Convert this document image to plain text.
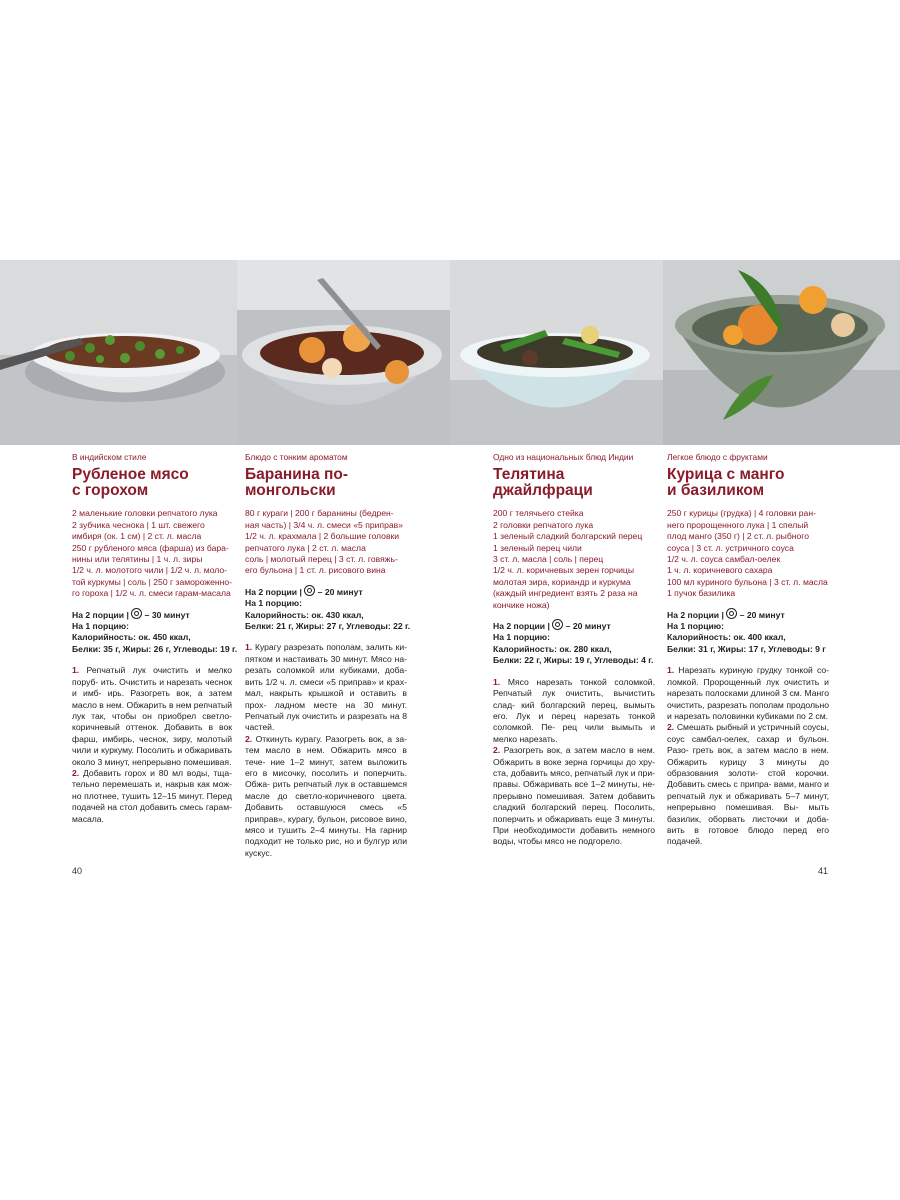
В индийском стиле
Рубленое мясо
с горохом
2 маленькие головки репчатого лука
2 зубчика чеснока | 1 шт. свежего
имбиря (ок. 1 см) | 2 ст. л. масла
250 г рубленого мяса (фарша) из бара-
нины или телятины | 1 ч. л. зиры
1/2 ч. л. молотого чили | 1/2 ч. л. моло-
той куркумы | соль | 250 г замороженно-
го гороха | 1/2 ч. л. смеси гарам-масала
На 2 порции | – 30 минут
На 1 порцию:
Калорийность: ок. 450 ккал,
Белки: 35 г, Жиры: 26 г, Углеводы: 19 г.

1. Репчатый лук очистить и мелко поруб- ить. Очистить и нарезать чеснок и имб- ирь. Разогреть вок, а затем масло в нем. Обжарить в нем репчатый лук так, чтобы он приобрел светло-коричневый оттенок. Добавить в вок фарш, имбирь, чеснок, зиру, молотый чили и куркуму. Посолить и обжаривать около 3 минут, непрерывно помешивая.

2. Добавить горох и 80 мл воды, тща- тельно перемешать и, накрыв как мож- но плотнее, тушить 12–15 минут. Перед подачей на стол добавить смесь гарам- масала.

Блюдо с тонким ароматом
Баранина по-монгольски
80 г кураги | 200 г баранины (бедрен-
ная часть) | 3/4 ч. л. смеси «5 приправ»
1/2 ч. л. крахмала | 2 большие головки
репчатого лука | 2 ст. л. масла
соль | молотый перец | 3 ст. л. говяжь-
его бульона | 1 ст. л. рисового вина
На 2 порции | – 20 минут
На 1 порцию:
Калорийность: ок. 430 ккал,
Белки: 21 г, Жиры: 27 г, Углеводы: 22 г.

1. Курагу разрезать пополам, залить ки- пятком и настаивать 30 минут. Мясо на- резать соломкой или кубиками, доба- вить 1/2 ч. л. смеси «5 приправ» и крах- мал, накрыть крышкой и оставить в прох- ладном месте на 30 минут. Репчатый лук очистить и разрезать на 8 частей.

2. Откинуть курагу. Разогреть вок, а за- тем масло в нем. Обжарить мясо в тече- ние 1–2 минут, затем выложить его в мисочку, посолить и поперчить. Обжа- рить репчатый лук в оставшемся масле до светло-коричневого цвета. Добавить оставшуюся смесь «5 приправ», курагу, бульон, рисовое вино, мясо и тушить 2–4 минуты. На гарнир подходит не только рис, но и булгур или кускус.

Одно из национальных блюд Индии
Телятина джайлфраци
200 г телячьего стейка
2 головки репчатого лука
1 зеленый сладкий болгарский перец
1 зеленый перец чили
3 ст. л. масла | соль | перец
1/2 ч. л. коричневых зерен горчицы
молотая зира, кориандр и куркума
(каждый ингредиент взять 2 раза на
кончике ножа)
На 2 порции | – 20 минут
На 1 порцию:
Калорийность: ок. 280 ккал,
Белки: 22 г, Жиры: 19 г, Углеводы: 4 г.

1. Мясо нарезать тонкой соломкой. Репчатый лук очистить, вычистить слад- кий болгарский перец, вымыть его. Лук и перец нарезать тонкой соломкой. Пе- рец чили вымыть и мелко нарезать.

2. Разогреть вок, а затем масло в нем. Обжарить в воке зерна горчицы до хру- ста, добавить мясо, репчатый лук и при- правы. Обжаривать все 1–2 минуты, не- прерывно помешивая. Затем добавить сладкий болгарский перец. Посолить, поперчить и обжаривать еще 3 минуты. При необходимости добавить немного воды, чтобы мясо не подгорело.

Легкое блюдо с фруктами
Курица с манго
и базиликом
250 г курицы (грудка) | 4 головки ран-
него пророщенного лука | 1 спелый
плод манго (350 г) | 2 ст. л. рыбного
соуса | 3 ст. л. устричного соуса
1/2 ч. л. соуса самбал-оелек
1 ч. л. коричневого сахара
100 мл куриного бульона | 3 ст. л. масла
1 пучок базилика
На 2 порции | – 20 минут
На 1 порцию:
Калорийность: ок. 400 ккал,
Белки: 31 г, Жиры: 17 г, Углеводы: 9 г

1. Нарезать куриную грудку тонкой со- ломкой. Пророщенный лук очистить и нарезать полосками длиной 3 см. Манго очистить, разрезать пополам продольно и нарезать половинки кубиками по 2 см.

2. Смешать рыбный и устричный соусы, соус самбал-оелек, сахар и бульон. Разо- греть вок, а затем масло в нем. Обжарить курицу 3 минуты до образования золоти- стой корочки. Добавить смесь с припра- вами, манго и репчатый лук и обжаривать 5–7 минут, непрерывно помешивая. Вы- мыть базилик, оборвать листочки и доба- вить в готовое блюдо перед его подачей.

40	41
